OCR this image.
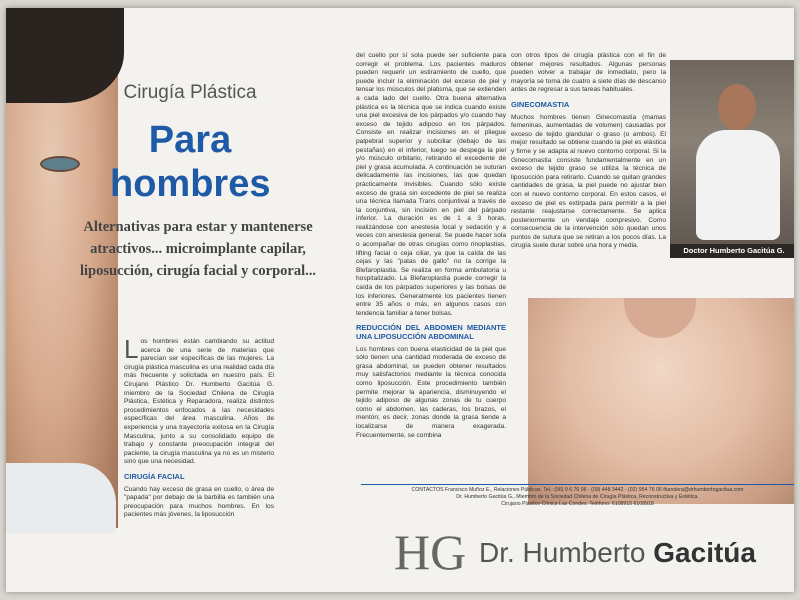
Cirugía Plástica
Para
hombres
Alternativas para estar y mantenerse atractivos... microimplante capilar, liposucción, cirugía facial y corporal...
L os hombres están cambiando su actitud acerca de una serie de materias que parecían ser específicas de las mujeres. La cirugía plástica masculina es una realidad cada día más frecuente y solicitada en nuestro país. El Cirujano Plástico Dr. Humberto Gacitúa G. miembro de la Sociedad Chilena de Cirugía Plástica, Estética y Reparadora, realiza distintos procedimientos enfocados a las necesidades específicas del área masculina. Años de experiencia y una trayectoria exitosa en la Cirugía Masculina, junto a su consolidado equipo de trabajo y constante preocupación integral del paciente, la cirugía masculina ya no es un misterio sino que una necesidad.
CIRUGÍA FACIAL
Cuando hay exceso de grasa en cuello, o área de "papada" por debajo de la barbilla es también una preocupación para muchos hombres. En los pacientes más jóvenes, la liposucción
del cuello por sí sola puede ser suficiente para corregir el problema. Los pacientes maduros pueden requerir un estiramiento de cuello, que puede incluir la eliminación del exceso de piel y tensar los músculos del platisma, que se extienden a cada lado del cuello. Otra buena alternativa plástica es la técnica que se indica cuando existe una piel excesiva de los párpados y/o cuando hay exceso de tejido adiposo en los párpados. Consiste en realizar incisiones en el pliegue palpebral superior y subciliar (debajo de las pestañas) en el inferior, luego se despega la piel y/o músculo orbitario, retirando el excedente de piel y grasa acumulada. A continuación se suturan delicadamente las incisiones, las que quedan prácticamente invisibles. Cuando sólo existe exceso de grasa sin excedente de piel se realiza una técnica llamada Trans conjuntival a través de la conjuntiva, sin incisión en piel del párpado inferior. La duración es de 1 a 3 horas, realizándose con anestesia local y sedación y a veces con anestesia general. Se puede hacer sola o acompañar de otras cirugías como rinoplastias, lifting facial o ceja ciliar, ya que la caída de las cejas y las "patas de gallo" no la corrige la Blefaroplastia. Se realiza en forma ambulatoria u hospitalizado. La Blefaroplastia puede corregir la caída de los párpados superiores y las bolsas de los inferiores. Generalmente los pacientes tienen entre 35 años o más, en algunos casos con tendencia familiar a tener bolsas.
REDUCCIÓN DEL ABDOMEN MEDIANTE UNA LIPOSUCCIÓN ABDOMINAL
Los hombres con buena elasticidad de la piel que sólo tienen una cantidad moderada de exceso de grasa abdominal, se pueden obtener resultados muy satisfactorios mediante la técnica conocida como liposucción. Este procedimiento también permite mejorar la apariencia, disminuyendo el tejido adiposo de algunas zonas de tu cuerpo como el abdomen, las caderas, los brazos, el mentón; es decir, zonas donde la grasa tiende a localizarse de manera exagerada. Frecuentemente, se combina
con otros tipos de cirugía plástica con el fin de obtener mejores resultados. Algunas personas pueden volver a trabajar de inmediato, pero la mayoría se toma de cuatro a siete días de descanso antes de regresar a sus tareas habituales.
GINECOMASTIA
Muchos hombres tienen Ginecomastia (mamas femeninas, aumentadas de volumen) causadas por exceso de tejido glandular o graso (o ambos). El mejor resultado se obtiene cuando la piel es elástica y firme y se adapta al nuevo contorno corporal. Si la Ginecomastia consiste fundamentalmente en un exceso de tejido graso se utiliza la técnica de liposucción para retirarlo. Cuando se quitan grandes cantidades de grasa, la piel puede no ajustar bien con el nuevo contorno corporal. En estos casos, el exceso de piel es extirpada para permitir a la piel restante reajustarse correctamente. Se aplica posteriormente un vendaje compresivo. Como consecuencia de la intervención sólo quedan unos puntos de sutura que se retiran a los pocos días. La cirugía suele durar sobre una hora y media.
Doctor Humberto Gacitúa G.
CONTACTOS Francisco Muñoz E., Relaciones Públicas. Tel.: (56) 9 6 76 06 - (09) 448 3442 - (02) 954 76 06 fbandera@drhumbertogacitua.com
Dr. Humberto Gacitúa G., Miembro de la Sociedad Chilena de Cirugía Plástica, Reconstructiva y Estética.
Cirujano Plástico Clínica Las Condes. Teléfono: 6108915 6108918
HG Dr. Humberto Gacitúa
